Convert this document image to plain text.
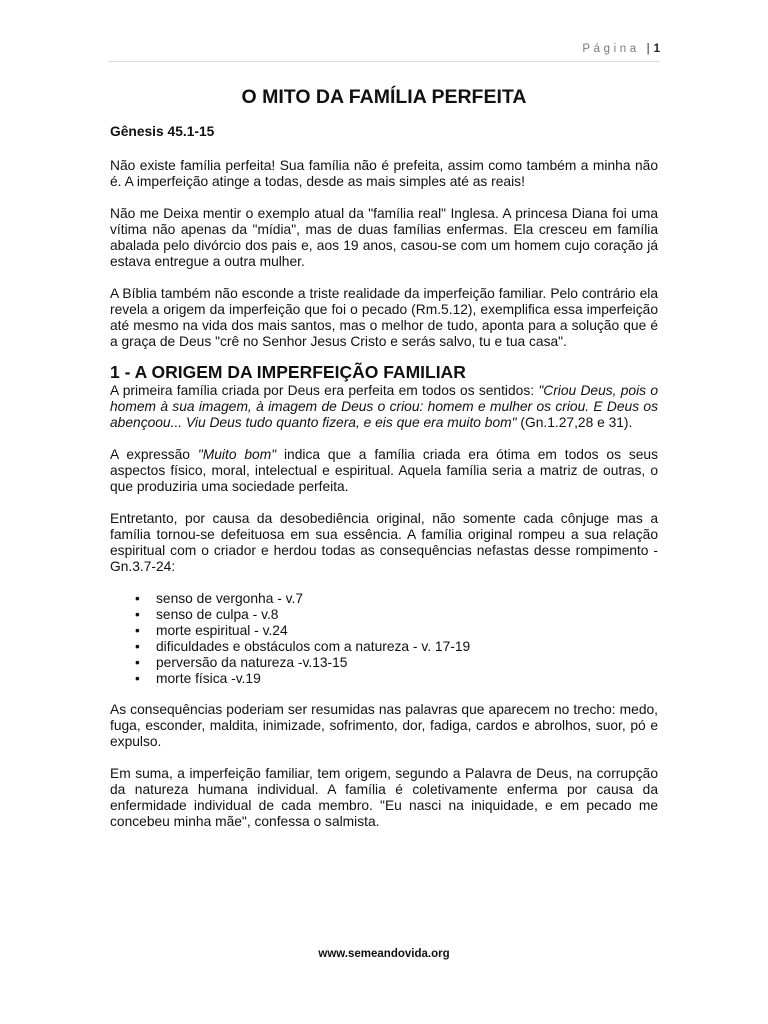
Página | 1
O MITO DA FAMÍLIA PERFEITA

Gênesis 45.1-15

Não existe família perfeita! Sua família não é prefeita, assim como também a minha não é. A imperfeição atinge a todas, desde as mais simples até as reais!

Não me Deixa mentir o exemplo atual da "família real" Inglesa. A princesa Diana foi uma vítima não apenas da "mídia", mas de duas famílias enfermas. Ela cresceu em família abalada pelo divórcio dos pais e, aos 19 anos, casou-se com um homem cujo coração já estava entregue a outra mulher.

A Bíblia também não esconde a triste realidade da imperfeição familiar. Pelo contrário ela revela a origem da imperfeição que foi o pecado (Rm.5.12), exemplifica essa imperfeição até mesmo na vida dos mais santos, mas o melhor de tudo, aponta para a solução que é a graça de Deus "crê no Senhor Jesus Cristo e serás salvo, tu e tua casa".

1 - A ORIGEM DA IMPERFEIÇÃO FAMILIAR

A primeira família criada por Deus era perfeita em todos os sentidos: "Criou Deus, pois o homem à sua imagem, à imagem de Deus o criou: homem e mulher os criou. E Deus os abençoou... Viu Deus tudo quanto fizera, e eis que era muito bom" (Gn.1.27,28 e 31).

A expressão "Muito bom" indica que a família criada era ótima em todos os seus aspectos físico, moral, intelectual e espiritual. Aquela família seria a matriz de outras, o que produziria uma sociedade perfeita.

Entretanto, por causa da desobediência original, não somente cada cônjuge mas a família tornou-se defeituosa em sua essência. A família original rompeu a sua relação espiritual com o criador e herdou todas as consequências nefastas desse rompimento - Gn.3.7-24:

• senso de vergonha - v.7
• senso de culpa - v.8
• morte espiritual - v.24
• dificuldades e obstáculos com a natureza - v. 17-19
• perversão da natureza -v.13-15
• morte física -v.19

As consequências poderiam ser resumidas nas palavras que aparecem no trecho: medo, fuga, esconder, maldita, inimizade, sofrimento, dor, fadiga, cardos e abrolhos, suor, pó e expulso.

Em suma, a imperfeição familiar, tem origem, segundo a Palavra de Deus, na corrupção da natureza humana individual. A família é coletivamente enferma por causa da enfermidade individual de cada membro. "Eu nasci na iniquidade, e em pecado me concebeu minha mãe", confessa o salmista.

www.semeandovida.org
